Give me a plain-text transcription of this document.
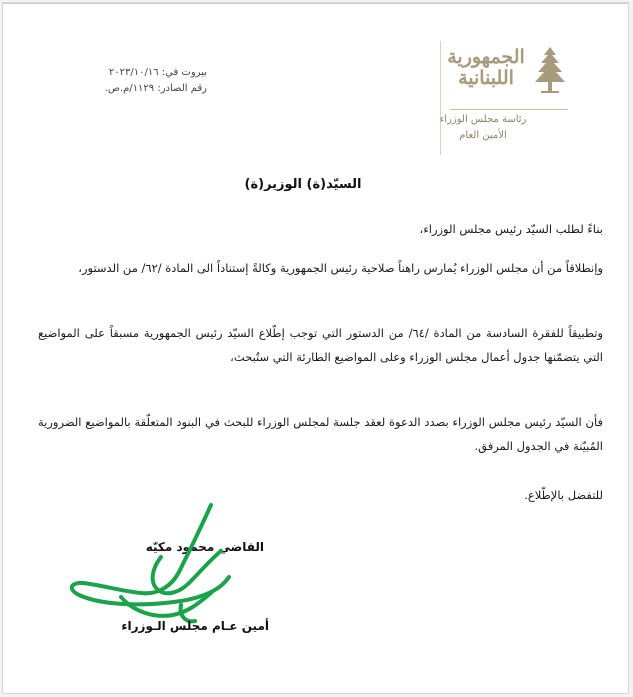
الجمهورية
اللبنانية
رئاسة مجلس الوزراء
الأمين العام
بيروت في: ٢٠٢٣/١٠/١٦
رقم الصادر: ١١٢٩/م.ص.
السيّد(ة) الوزير(ة)
بناءً لطلب السيّد رئيس مجلس الوزراء،
وإنطلاقاً من أن مجلس الوزراء يُمارس راهناً صلاحية رئيس الجمهورية وكالةً إستناداً الى المادة /٦٢/ من الدستور،
وتطبيقاً للفقرة السادسة من المادة /٦٤/ من الدستور التي توجب إطّلاع السيّد رئيس الجمهورية مسبقاً على المواضيع التي يتضمّنها جدول أعمال مجلس الوزراء وعلى المواضيع الطارئة التي ستُبحث،
فأن السيّد رئيس مجلس الوزراء بصدد الدعوة لعقد جلسة لمجلس الوزراء للبحث في البنود المتعلّقة بالمواضيع الضرورية المُبيّنة في الجدول المرفق.
للتفضل بالإطّلاع.
القاضي محمود مكيّه
أمين عـام مجلس الـوزراء
